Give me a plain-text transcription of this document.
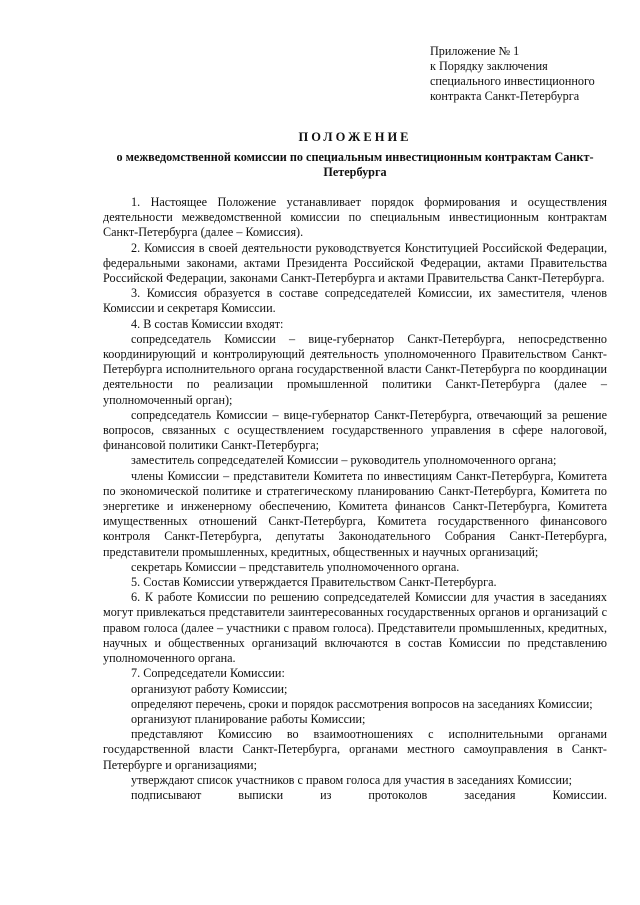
Приложение № 1
к Порядку заключения
специального инвестиционного
контракта Санкт-Петербурга
ПОЛОЖЕНИЕ
о межведомственной комиссии по специальным инвестиционным контрактам Санкт-Петербурга

1. Настоящее Положение устанавливает порядок формирования и осуществления деятельности межведомственной комиссии по специальным инвестиционным контрактам Санкт-Петербурга (далее – Комиссия).

2. Комиссия в своей деятельности руководствуется Конституцией Российской Федерации, федеральными законами, актами Президента Российской Федерации, актами Правительства Российской Федерации, законами Санкт-Петербурга и актами Правительства Санкт-Петербурга.

3. Комиссия образуется в составе сопредседателей Комиссии, их заместителя, членов Комиссии и секретаря Комиссии.

4. В состав Комиссии входят:

сопредседатель Комиссии – вице-губернатор Санкт-Петербурга, непосредственно координирующий и контролирующий деятельность уполномоченного Правительством Санкт-Петербурга исполнительного органа государственной власти Санкт-Петербурга по координации деятельности по реализации промышленной политики Санкт-Петербурга (далее – уполномоченный орган);

сопредседатель Комиссии – вице-губернатор Санкт-Петербурга, отвечающий за решение вопросов, связанных с осуществлением государственного управления в сфере налоговой, финансовой политики Санкт-Петербурга;

заместитель сопредседателей Комиссии – руководитель уполномоченного органа;

члены Комиссии – представители Комитета по инвестициям Санкт-Петербурга, Комитета по экономической политике и стратегическому планированию Санкт-Петербурга, Комитета по энергетике и инженерному обеспечению, Комитета финансов Санкт-Петербурга, Комитета имущественных отношений Санкт-Петербурга, Комитета государственного финансового контроля Санкт-Петербурга, депутаты Законодательного Собрания Санкт-Петербурга, представители промышленных, кредитных, общественных и научных организаций;

секретарь Комиссии – представитель уполномоченного органа.

5. Состав Комиссии утверждается Правительством Санкт-Петербурга.

6. К работе Комиссии по решению сопредседателей Комиссии для участия в заседаниях могут привлекаться представители заинтересованных государственных органов и организаций с правом голоса (далее – участники с правом голоса). Представители промышленных, кредитных, научных и общественных организаций включаются в состав Комиссии по представлению уполномоченного органа.

7. Сопредседатели Комиссии:

организуют работу Комиссии;

определяют перечень, сроки и порядок рассмотрения вопросов на заседаниях Комиссии;

организуют планирование работы Комиссии;

представляют Комиссию во взаимоотношениях с исполнительными органами государственной власти Санкт-Петербурга, органами местного самоуправления в Санкт-Петербурге и организациями;

утверждают список участников с правом голоса для участия в заседаниях Комиссии;

подписывают выписки из протоколов заседания Комиссии.
